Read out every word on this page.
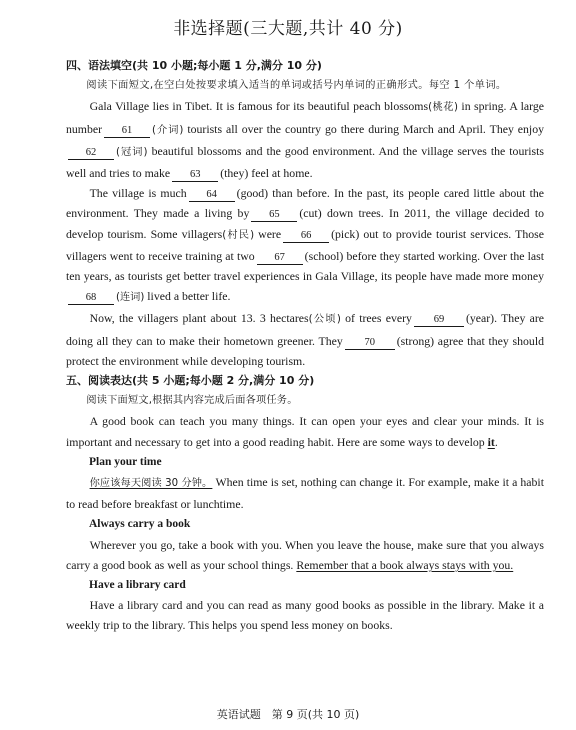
非选择题(三大题,共计 40 分)

四、语法填空(共 10 小题;每小题 1 分,满分 10 分)

阅读下面短文,在空白处按要求填入适当的单词或括号内单词的正确形式。每空 1 个单词。

Gala Village lies in Tibet. It is famous for its beautiful peach blossoms(桃花) in spring. A large number 61 (介词) tourists all over the country go there during March and April. They enjoy62 (冠词) beautiful blossoms and the good environment. And the village serves the tourists well and tries to make 63 (they) feel at home.

The village is much 64 (good) than before. In the past, its people cared little about the environment. They made a living by 65 (cut) down trees. In 2011, the village decided to develop tourism. Some villagers(村民) were 66 (pick) out to provide tourist services. Those villagers went to receive training at two 67 (school) before they started working. Over the last ten years, as tourists get better travel experiences in Gala Village, its people have made more money68 (连词) lived a better life.

Now, the villagers plant about 13. 3 hectares(公顷) of trees every 69 (year). They are doing all they can to make their hometown greener. They 70 (strong) agree that they should protect the environment while developing tourism.

五、阅读表达(共 5 小题;每小题 2 分,满分 10 分)

阅读下面短文,根据其内容完成后面各项任务。

A good book can teach you many things. It can open your eyes and clear your minds. It is important and necessary to get into a good reading habit. Here are some ways to develop it.

Plan your time

你应该每天阅读 30 分钟。 When time is set, nothing can change it. For example, make it a habit to read before breakfast or lunchtime.

Always carry a book

Wherever you go, take a book with you. When you leave the house, make sure that you always carry a good book as well as your school things. Remember that a book always stays with you.

Have a library card

Have a library card and you can read as many good books as possible in the library. Make it a weekly trip to the library. This helps you spend less money on books.

英语试题　第 9 页(共 10 页)
